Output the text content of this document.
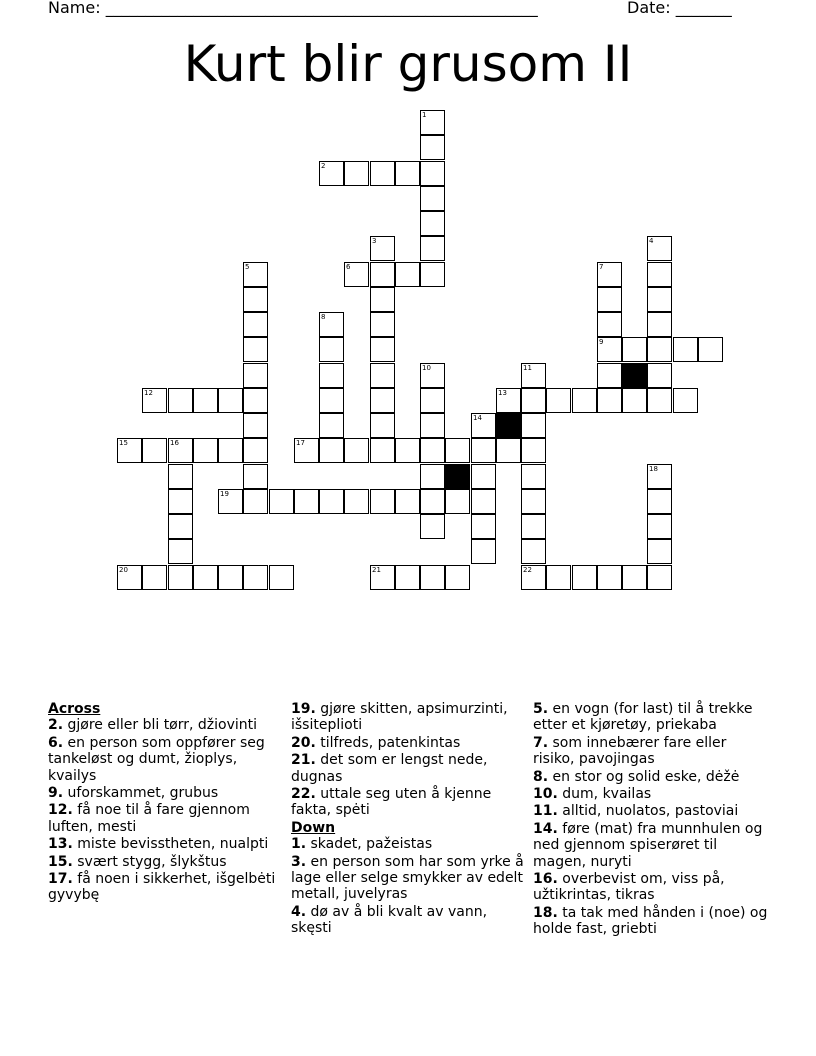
Name: ______________________________________________________	Date: _______
Kurt blir grusom II
2
6
9
12	13
15	16	17
19
20	21	22
1
3	4
5	7
8
10	11
14
18
Across
2. gjøre eller bli tørr, džiovinti
6. en person som oppfører seg tankeløst og dumt, žioplys, kvailys
9. uforskammet, grubus
12. få noe til å fare gjennom luften, mesti
13. miste bevisstheten, nualpti
15. svært stygg, šlykštus
17. få noen i sikkerhet, išgelbėti gyvybę
19. gjøre skitten, apsimurzinti, išsiteplioti
20. tilfreds, patenkintas
21. det som er lengst nede, dugnas
22. uttale seg uten å kjenne fakta, spėti
Down
1. skadet, pažeistas
3. en person som har som yrke å lage eller selge smykker av edelt metall, juvelyras
4. dø av å bli kvalt av vann, skęsti
5. en vogn (for last) til å trekke etter et kjøretøy, priekaba
7. som innebærer fare eller risiko, pavojingas
8. en stor og solid eske, dėžė
10. dum, kvailas
11. alltid, nuolatos, pastoviai
14. føre (mat) fra munnhulen og ned gjennom spiserøret til magen, nuryti
16. overbevist om, viss på, užtikrintas, tikras
18. ta tak med hånden i (noe) og holde fast, griebti
